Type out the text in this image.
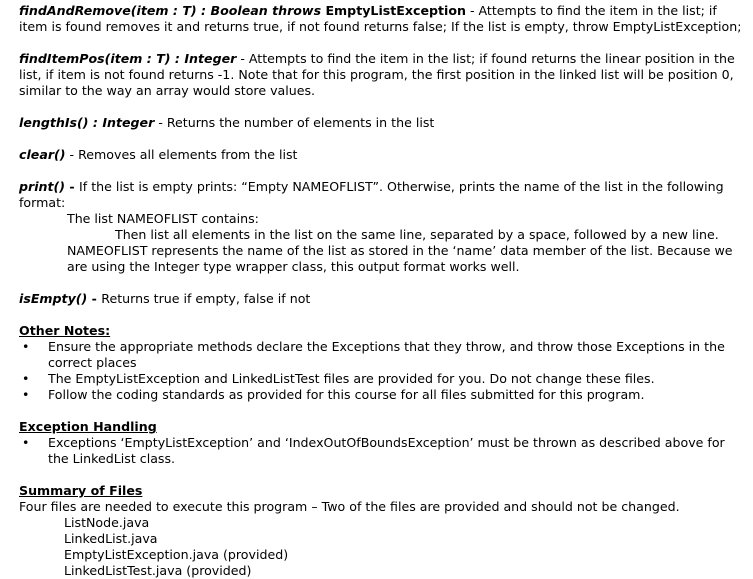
findAndRemove(item : T) : Boolean throws EmptyListException - Attempts to find the item in the list; if item is found removes it and returns true, if not found returns false; If the list is empty, throw EmptyListException;

findItemPos(item : T) : Integer - Attempts to find the item in the list; if found returns the linear position in the list, if item is not found returns -1. Note that for this program, the first position in the linked list will be position 0, similar to the way an array would store values.

lengthIs() : Integer - Returns the number of elements in the list

clear() - Removes all elements from the list

print() - If the list is empty prints: “Empty NAMEOFLIST”. Otherwise, prints the name of the list in the following format:

The list NAMEOFLIST contains:

Then list all elements in the list on the same line, separated by a space, followed by a new line.

NAMEOFLIST represents the name of the list as stored in the ‘name’ data member of the list. Because we are using the Integer type wrapper class, this output format works well.

isEmpty() - Returns true if empty, false if not

Other Notes:

• Ensure the appropriate methods declare the Exceptions that they throw, and throw those Exceptions in the correct places
• The EmptyListException and LinkedListTest files are provided for you. Do not change these files.
• Follow the coding standards as provided for this course for all files submitted for this program.

Exception Handling

• Exceptions ‘EmptyListException’ and ‘IndexOutOfBoundsException’ must be thrown as described above for the LinkedList class.

Summary of Files

Four files are needed to execute this program – Two of the files are provided and should not be changed.

ListNode.java

LinkedList.java

EmptyListException.java (provided)

LinkedListTest.java (provided)
